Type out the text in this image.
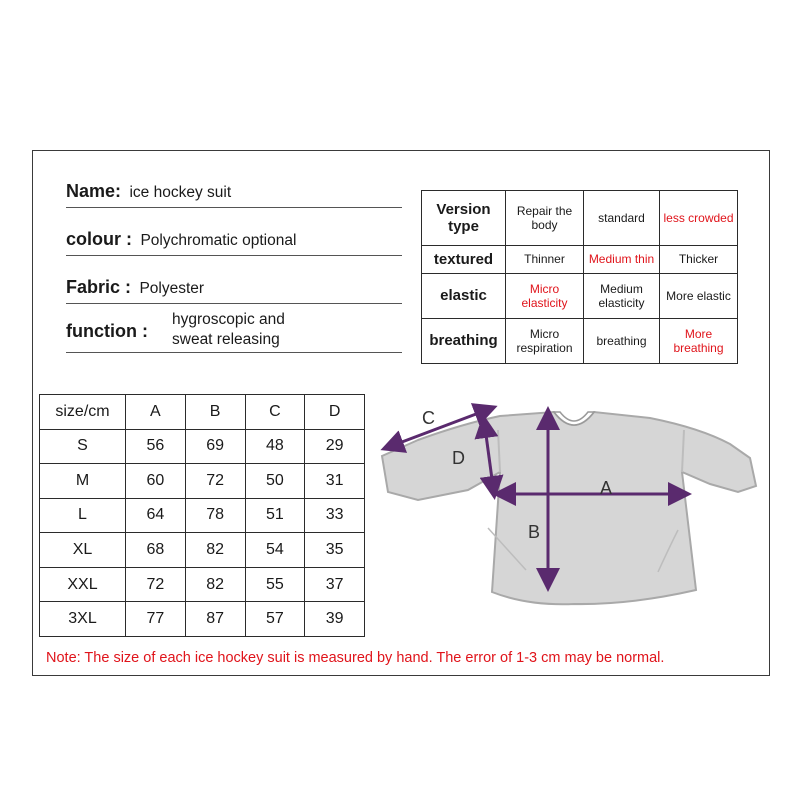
Name: ice hockey suit
colour : Polychromatic optional
Fabric : Polyester
function :
hygroscopic and
sweat releasing
Version type	Repair the body	standard	less crowded
textured	Thinner	Medium thin	Thicker
elastic	Micro elasticity	Medium elasticity	More elastic
breathing	Micro respiration	breathing	More breathing
size/cm	A	B	C	D
S	56	69	48	29
M	60	72	50	31
L	64	78	51	33
XL	68	82	54	35
XXL	72	82	55	37
3XL	77	87	57	39
A
B
C
D
Note: The size of each ice hockey suit is measured by hand. The error of 1-3 cm may be normal.
